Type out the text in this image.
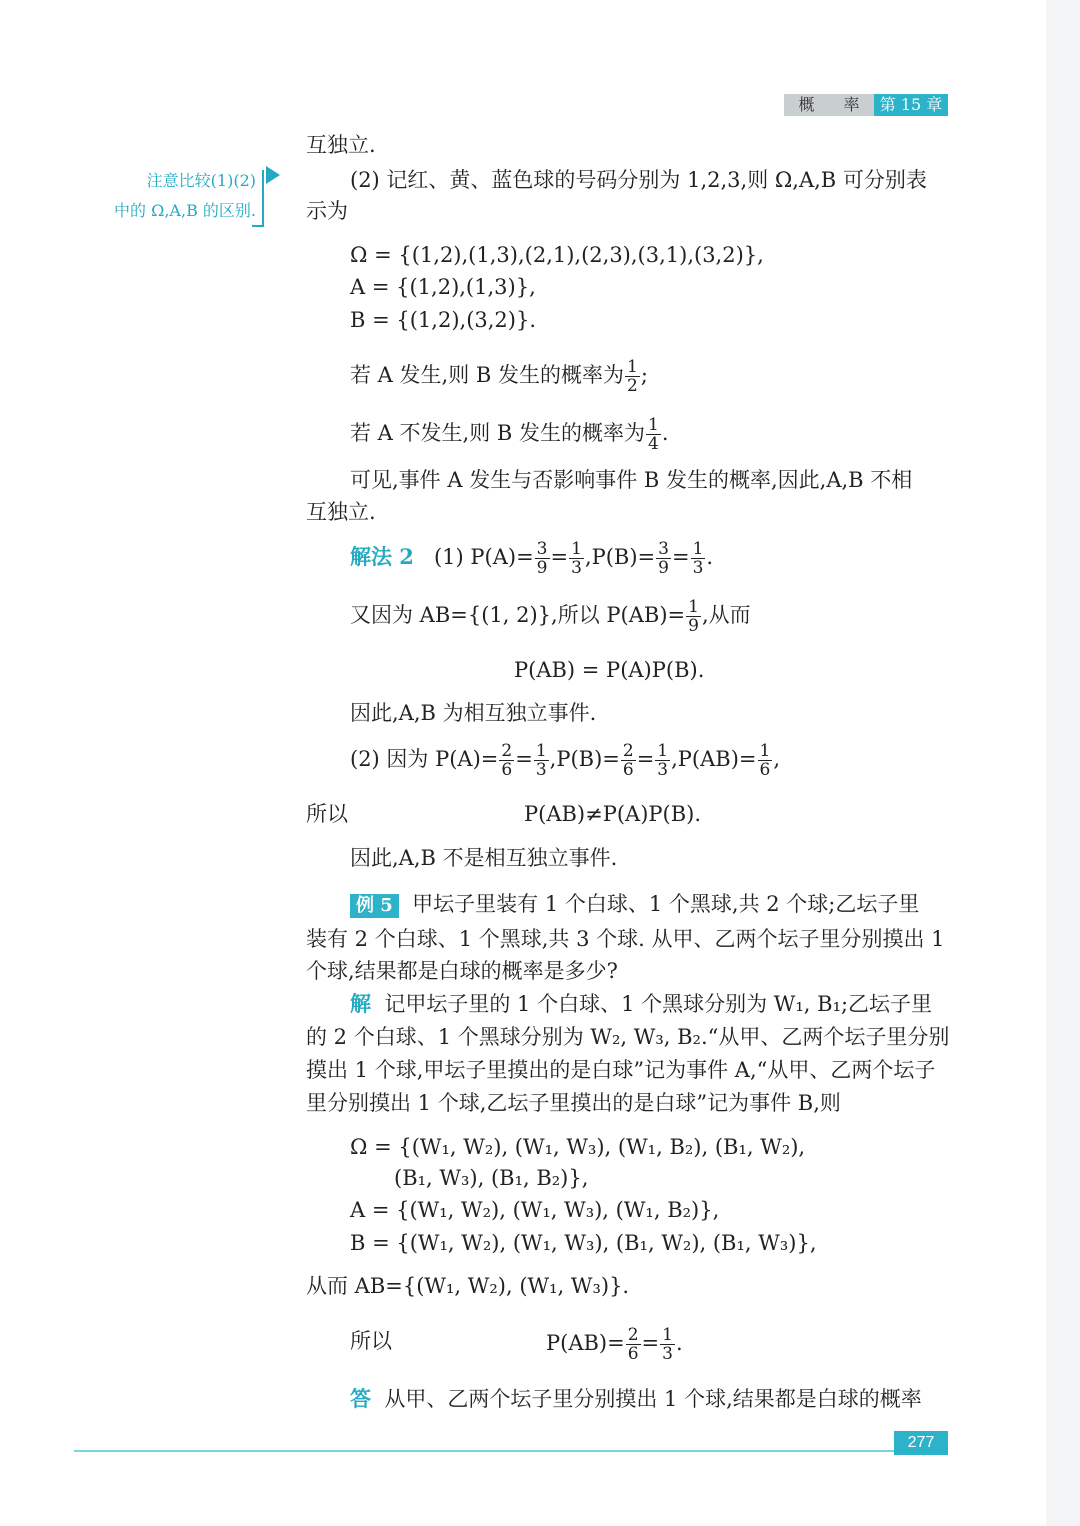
概 率	第 15 章
注意比较(1)(2)
中的 Ω,A,B 的区别.
互独立.
(2) 记红、黄、蓝色球的号码分别为 1,2,3,则 Ω,A,B 可分别表
示为
Ω = {(1,2),(1,3),(2,1),(2,3),(3,1),(3,2)},
A = {(1,2),(1,3)},
B = {(1,2),(3,2)}.
若 A 发生,则 B 发生的概率为 $\frac{1}{2}$ ;
若 A 不发生,则 B 发生的概率为 $\frac{1}{4}$ .
可见,事件 A 发生与否影响事件 B 发生的概率,因此,A,B 不相
互独立.
解法 2 (1) $P(A)= \frac{3}{9} = \frac{1}{3} ,P(B)= \frac{3}{9} = \frac{1}{3}$ .
又因为 AB={(1, 2)},所以 $P(AB)= \frac{1}{9}$ ,从而
P(AB) = P(A)P(B).
因此,A,B 为相互独立事件.
(2) 因为 $P(A)= \frac{2}{6} = \frac{1}{3} ,P(B)= \frac{2}{6} = \frac{1}{3} ,P(AB)= \frac{1}{6}$ ,
所以	P(AB)≠P(A)P(B).
因此,A,B 不是相互独立事件.
例 5 甲坛子里装有 1 个白球、1 个黑球,共 2 个球;乙坛子里
装有 2 个白球、1 个黑球,共 3 个球. 从甲、乙两个坛子里分别摸出 1
个球,结果都是白球的概率是多少?
解 记甲坛子里的 1 个白球、1 个黑球分别为 W₁, B₁;乙坛子里
的 2 个白球、1 个黑球分别为 W₂, W₃, B₂.“从甲、乙两个坛子里分别
摸出 1 个球,甲坛子里摸出的是白球”记为事件 A,“从甲、乙两个坛子
里分别摸出 1 个球,乙坛子里摸出的是白球”记为事件 B,则
Ω = {(W₁, W₂), (W₁, W₃), (W₁, B₂), (B₁, W₂),
(B₁, W₃), (B₁, B₂)},
A = {(W₁, W₂), (W₁, W₃), (W₁, B₂)},
B = {(W₁, W₂), (W₁, W₃), (B₁, W₂), (B₁, W₃)},
从而 AB={(W₁, W₂), (W₁, W₃)}.
所以	$P(AB)= \frac{2}{6} = \frac{1}{3}$ .
答 从甲、乙两个坛子里分别摸出 1 个球,结果都是白球的概率
277
